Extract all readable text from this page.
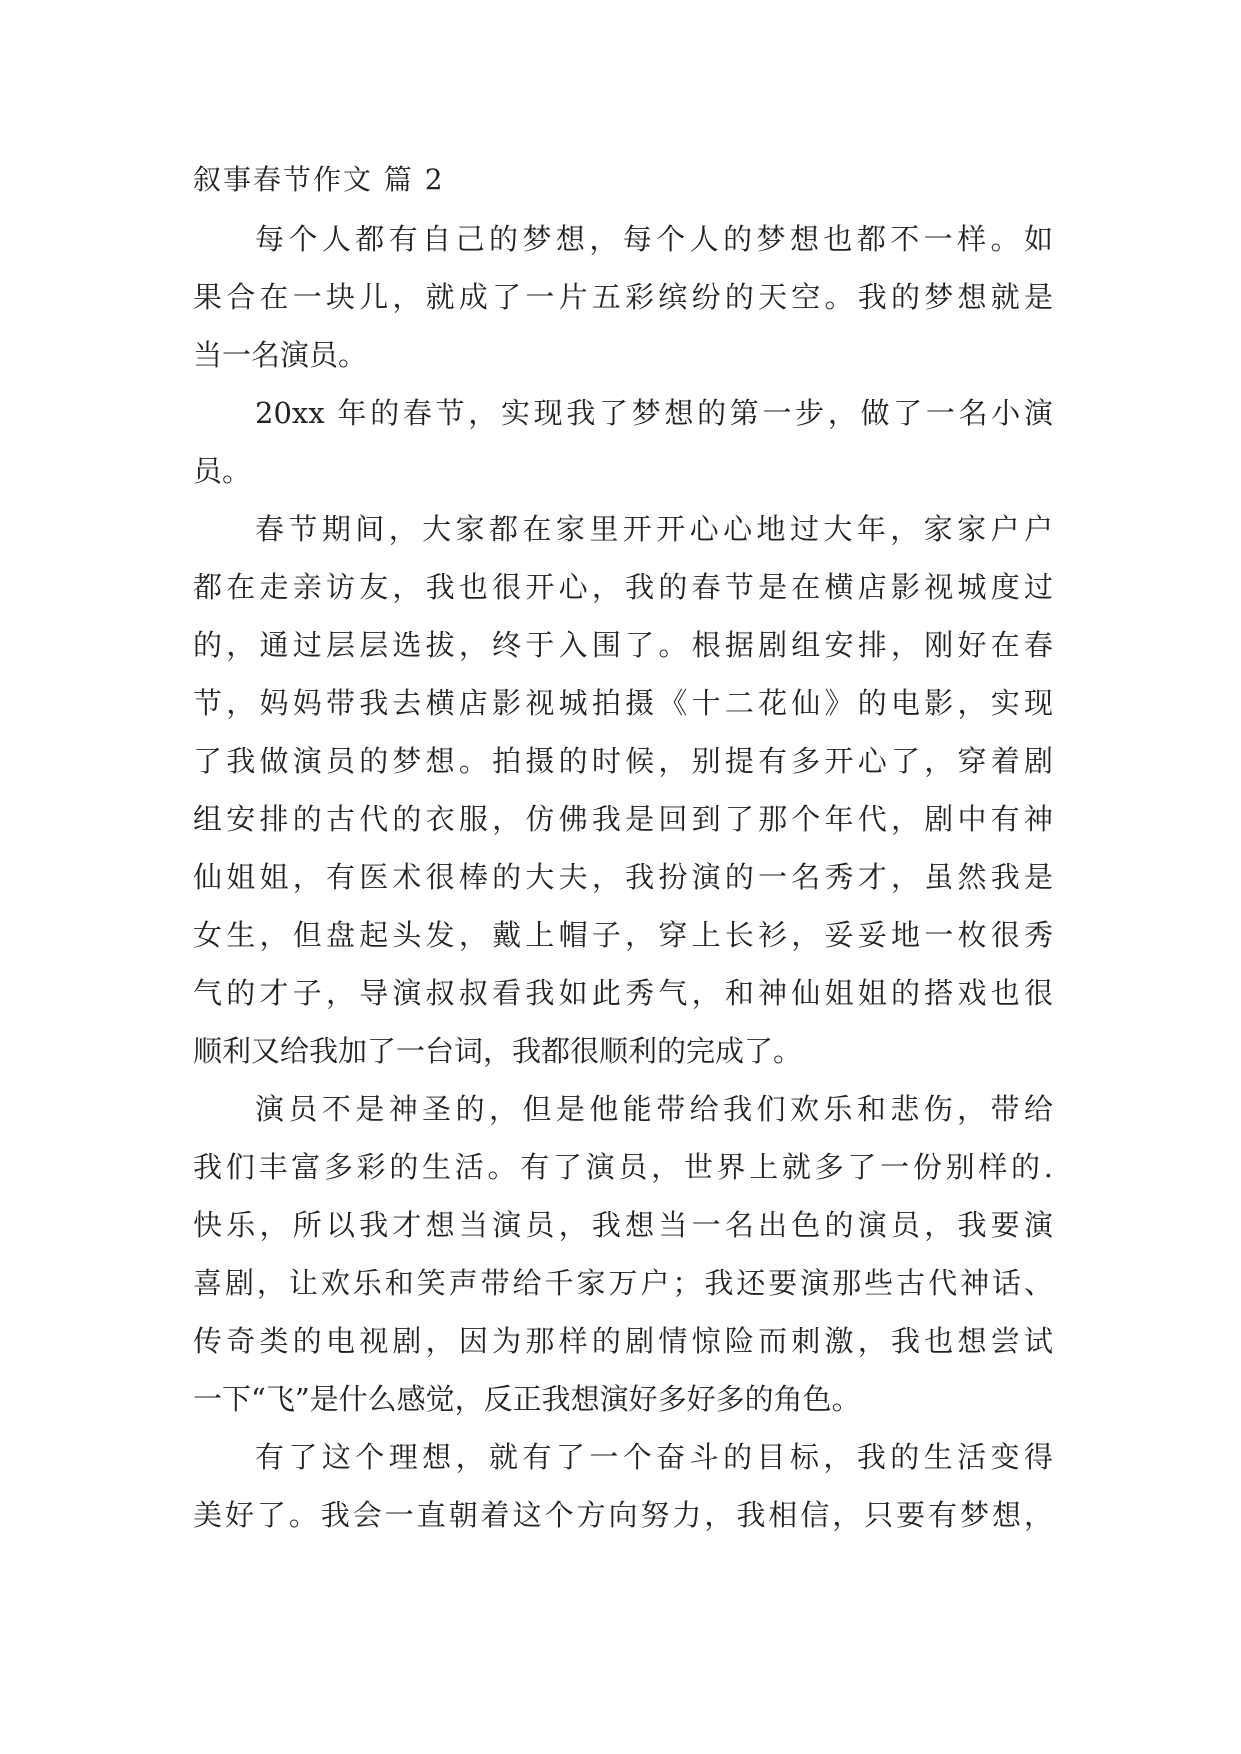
叙事春节作文 篇 2
每个人都有自己的梦想，每个人的梦想也都不一样。如
果合在一块儿，就成了一片五彩缤纷的天空。我的梦想就是
当一名演员。
20xx 年的春节，实现我了梦想的第一步，做了一名小演
员。
春节期间，大家都在家里开开心心地过大年，家家户户
都在走亲访友，我也很开心，我的春节是在横店影视城度过
的，通过层层选拔，终于入围了。根据剧组安排，刚好在春
节，妈妈带我去横店影视城拍摄《十二花仙》的电影，实现
了我做演员的梦想。拍摄的时候，别提有多开心了，穿着剧
组安排的古代的衣服，仿佛我是回到了那个年代，剧中有神
仙姐姐，有医术很棒的大夫，我扮演的一名秀才，虽然我是
女生，但盘起头发，戴上帽子，穿上长衫，妥妥地一枚很秀
气的才子，导演叔叔看我如此秀气，和神仙姐姐的搭戏也很
顺利又给我加了一台词，我都很顺利的完成了。
演员不是神圣的，但是他能带给我们欢乐和悲伤，带给
我们丰富多彩的生活。有了演员，世界上就多了一份别样的.
快乐，所以我才想当演员，我想当一名出色的演员，我要演
喜剧，让欢乐和笑声带给千家万户；我还要演那些古代神话、
传奇类的电视剧，因为那样的剧情惊险而刺激，我也想尝试
一下“飞”是什么感觉，反正我想演好多好多的角色。
有了这个理想，就有了一个奋斗的目标，我的生活变得
美好了。我会一直朝着这个方向努力，我相信，只要有梦想，
